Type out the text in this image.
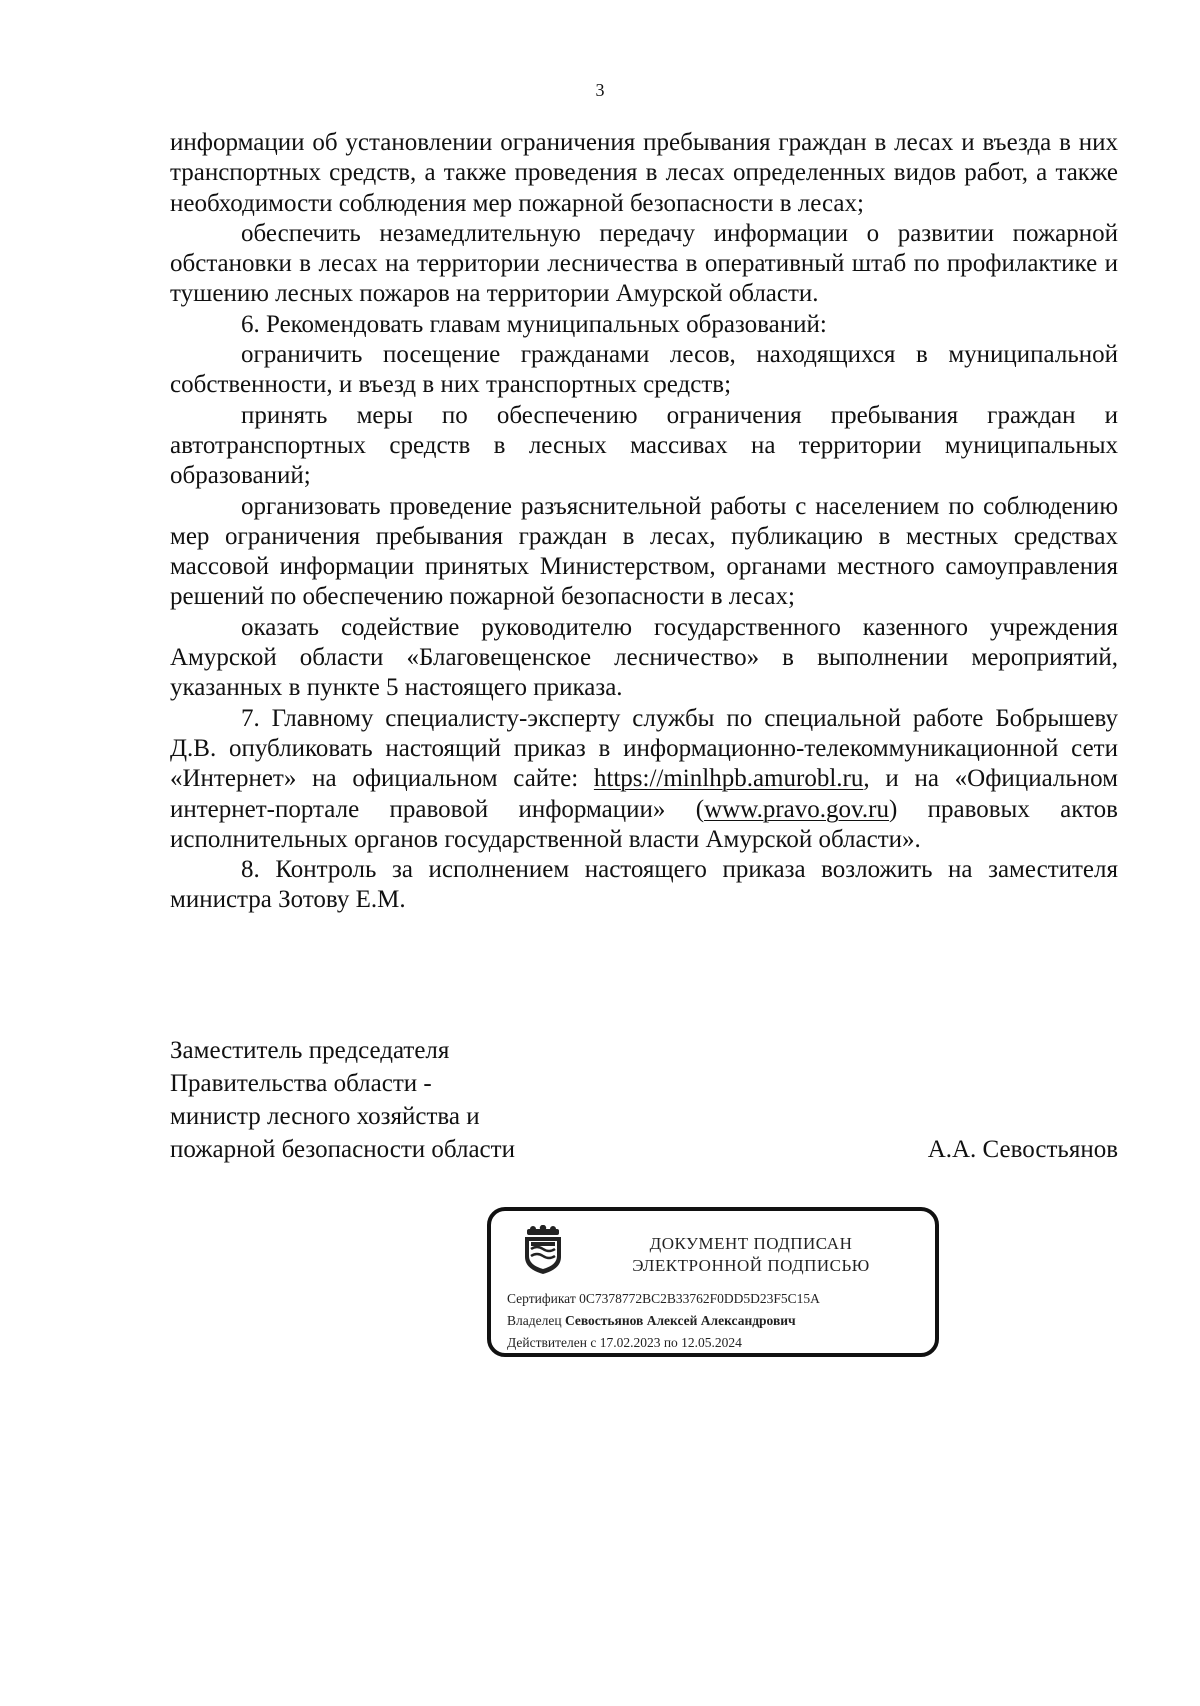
3

информации об установлении ограничения пребывания граждан в лесах и въезда в них транспортных средств, а также проведения в лесах определенных видов работ, а также необходимости соблюдения мер пожарной безопасности в лесах;

обеспечить незамедлительную передачу информации о развитии пожарной обстановки в лесах на территории лесничества в оперативный штаб по профилактике и тушению лесных пожаров на территории Амурской области.

6. Рекомендовать главам муниципальных образований:

ограничить посещение гражданами лесов, находящихся в муниципальной собственности, и въезд в них транспортных средств;

принять меры по обеспечению ограничения пребывания граждан и автотранспортных средств в лесных массивах на территории муниципальных образований;

организовать проведение разъяснительной работы с населением по соблюдению мер ограничения пребывания граждан в лесах, публикацию в местных средствах массовой информации принятых Министерством, органами местного самоуправления решений по обеспечению пожарной безопасности в лесах;

оказать содействие руководителю государственного казенного учреждения Амурской области «Благовещенское лесничество» в выполнении мероприятий, указанных в пункте 5 настоящего приказа.

7. Главному специалисту-эксперту службы по специальной работе Бобрышеву Д.В. опубликовать настоящий приказ в информационно-телекоммуникационной сети «Интернет» на официальном сайте: https://minlhpb.amurobl.ru, и на «Официальном интернет-портале правовой информации» (www.pravo.gov.ru) правовых актов исполнительных органов государственной власти Амурской области».

8. Контроль за исполнением настоящего приказа возложить на заместителя министра Зотову Е.М.

Заместитель председателя
Правительства области -
министр лесного хозяйства и
пожарной безопасности области	А.А. Севостьянов
ДОКУМЕНТ ПОДПИСАН
ЭЛЕКТРОННОЙ ПОДПИСЬЮ
Сертификат 0C7378772BC2B33762F0DD5D23F5C15A
Владелец Севостьянов Алексей Александрович
Действителен с 17.02.2023 по 12.05.2024
